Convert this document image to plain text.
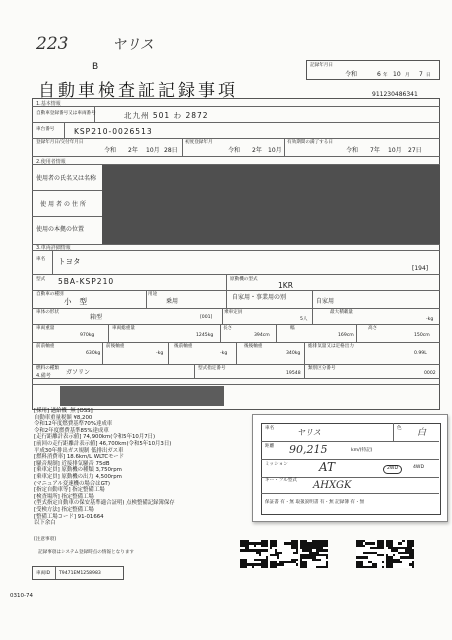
223	ヤリス
B	記録年月日
令和	6 年 10 月 7 日
自動車検査証記録事項	911230486341
1.基本情報
自動車登録番号又は車両番号	北九州 501 わ 2872
車台番号	KSP210-0026513
登録年月日/交付年月日
令和 2年 10月 28日
初度登録年月
令和 2年 10月
有効期間の満了する日
令和 7年 10月 27日
2.使用者情報
使用者の氏名又は名称
使用者の住所
使用の本拠の位置
3.車両詳細情報
車名 トヨタ
[194]
型式 5BA-KSP210	原動機の型式
1KR
自動車の種別
小型
用途
乗用
自家用・事業用の別
自家用
車体の形状
箱型	[001]
乗車定員
5人
最大積載量
-kg
車両重量
970kg
車両総重量
1245kg
長さ
394cm
幅
169cm
高さ
150cm
前前軸重
630kg
前後軸重
-kg
後前軸重
-kg
後後軸重
340kg
総排気量又は定格出力
0.99L
燃料の種類
ガソリン
型式指定番号
19548
類別区分番号
0002
4.備考
[採用] 過給機  無 [OSS]
自動車重量税額 ¥8,200
令和12年度燃費基準70%達成車
令和2年度燃費基準85%達成車
[走行距離計表示値] 74,900km(令和5年10月7日)
[前回の走行距離計表示値] 46,700km(令和5年10月3日)
平成30年排出ガス規制 低排出ガス車
[燃料消費率] 18.6km/L WLTCモード
[騒音規制] 近接排気騒音 75dB
[乗車定員] 原動機の種類 3,750rpm
[乗車定員] 原動機の出力 4,500rpm
(マニュアル変速機の場合はGT)
[指定自動車等] 指定整備工場
[検査場所] 指定整備工場
(型式指定自動車の保安基準適合証明) 点検整備記録簿保存
[受検方法] 指定整備工場
[整備工場コード] 91-01664
以下余白
車名	ヤリス	色 白
距離 90,215	km/(特記)
ミッション	AT	2WD	4WD
キー・フル型式 AHXGK
保証書 有・無 取扱説明書 有・無 記録簿 有・無
[注意事項]
記録事項はシステム登録時点の情報となります
車両ID T9471EM1258983
0310-74
